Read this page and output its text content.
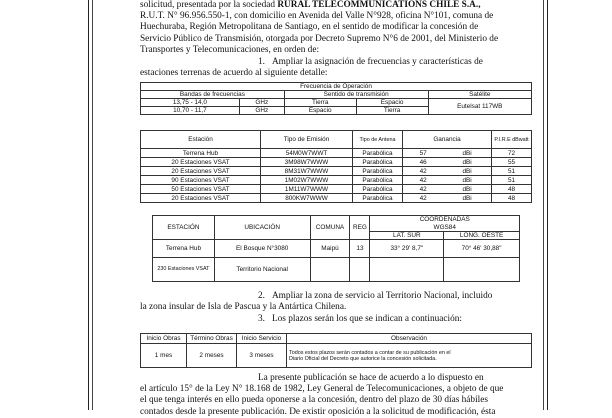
solicitud, presentada por la sociedad RURAL TELECOMMUNICATIONS CHILE S.A.,
R.U.T. N° 96.956.550-1, con domicilio en Avenida del Valle N°928, oficina N°101, comuna de
Huechuraba, Región Metropolitana de Santiago, en el sentido de modificar la concesión de
Servicio Público de Transmisión, otorgada por Decreto Supremo N°6 de 2001, del Ministerio de
Transportes y Telecomunicaciones, en orden de:
1. Ampliar la asignación de frecuencias y características de
estaciones terrenas de acuerdo al siguiente detalle:
Frecuencia de Operación				
Bandas de frecuencias		Sentido de transmisión		Satélite
13,75 - 14,0	GHz	Tierra	Espacio	Eutelsat 117WB
10,70 - 11,7	GHz	Espacio	Tierra	
Estación	Tipo de Emisión	Tipo de Antena	Ganancia		P.I.R.E dBwatt
Terrena Hub	54M0W7WWT	Parabólica	57	dBi	72
20 Estaciones VSAT	3M98W7WWW	Parabólica	46	dBi	55
20 Estaciones VSAT	8M31W7WWW	Parabólica	42	dBi	51
90 Estaciones VSAT	1M02W7WWW	Parabólica	42	dBi	51
50 Estaciones VSAT	1M11W7WWW	Parabólica	42	dBi	48
20 Estaciones VSAT	800KW7WWW	Parabólica	42	dBi	48
ESTACIÓN	UBICACIÓN	COMUNA	REG	COORDENADAS	
				WGS84	
				LAT. SUR	LONG. OESTE
Terrena Hub	El Bosque N°3080	Maipú	13	33° 29' 8,7"	70° 46' 30,88"
230 Estaciones VSAT	Territorio Nacional				
2. Ampliar la zona de servicio al Territorio Nacional, incluido
la zona insular de Isla de Pascua y la Antártica Chilena.
3. Los plazos serán los que se indican a continuación:
Inicio Obras	Término Obras	Inicio Servicio	Observación
1 mes	2 meses	3 meses	Todos estos plazos serán contados a contar de su publicación en el
Diario Oficial del Decreto que autorice la concesión solicitada.
La presente publicación se hace de acuerdo a lo dispuesto en
el artículo 15° de la Ley N° 18.168 de 1982, Ley General de Telecomunicaciones, a objeto de que
el que tenga interés en ello pueda oponerse a la concesión, dentro del plazo de 30 días hábiles
contados desde la presente publicación. De existir oposición a la solicitud de modificación, ésta
